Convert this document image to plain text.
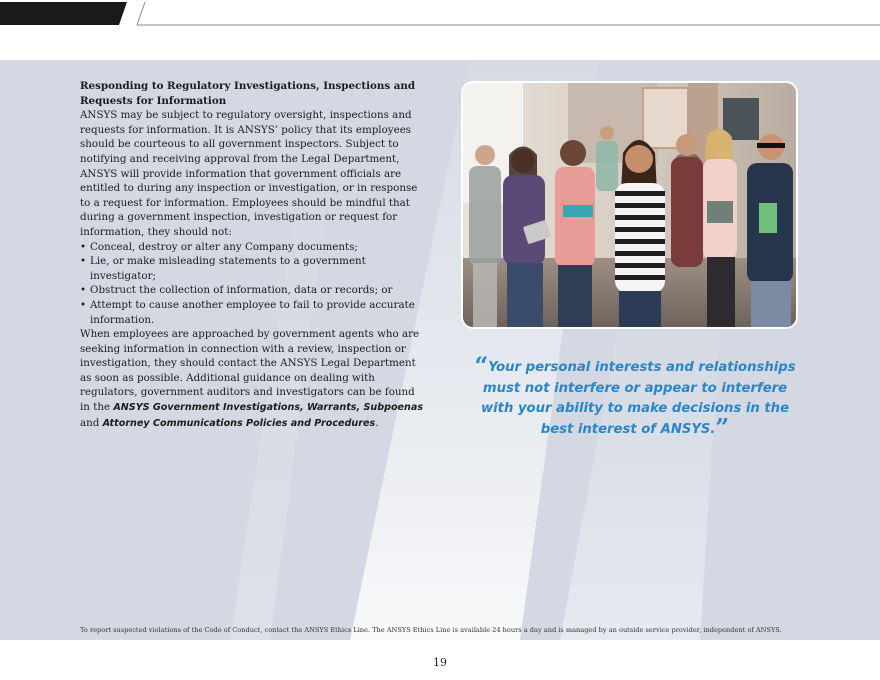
Responding to Regulatory Investigations, Inspections and
Requests for Information

ANSYS may be subject to regulatory oversight, inspections and requests for information. It is ANSYS’ policy that its employees should be courteous to all government inspectors. Subject to notifying and receiving approval from the Legal Department, ANSYS will provide information that government officials are entitled to during any inspection or investigation, or in response to a request for information. Employees should be mindful that during a government inspection, investigation or request for information, they should not:

• Conceal, destroy or alter any Company documents;
• Lie, or make misleading statements to a government investigator;
• Obstruct the collection of information, data or records; or
• Attempt to cause another employee to fail to provide accurate information.

When employees are approached by government agents who are seeking information in connection with a review, inspection or investigation, they should contact the ANSYS Legal Department as soon as possible. Additional guidance on dealing with regulators, government auditors and investigators can be found in the ANSYS Government Investigations, Warrants, Subpoenas and Attorney Communications Policies and Procedures.

“Your personal interests and relationships must not interfere or appear to interfere with your ability to make decisions in the best interest of ANSYS.”
To report suspected violations of the Code of Conduct, contact the ANSYS Ethics Line. The ANSYS Ethics Line is available 24 hours a day and is managed by an outside service provider, independent of ANSYS.
19
